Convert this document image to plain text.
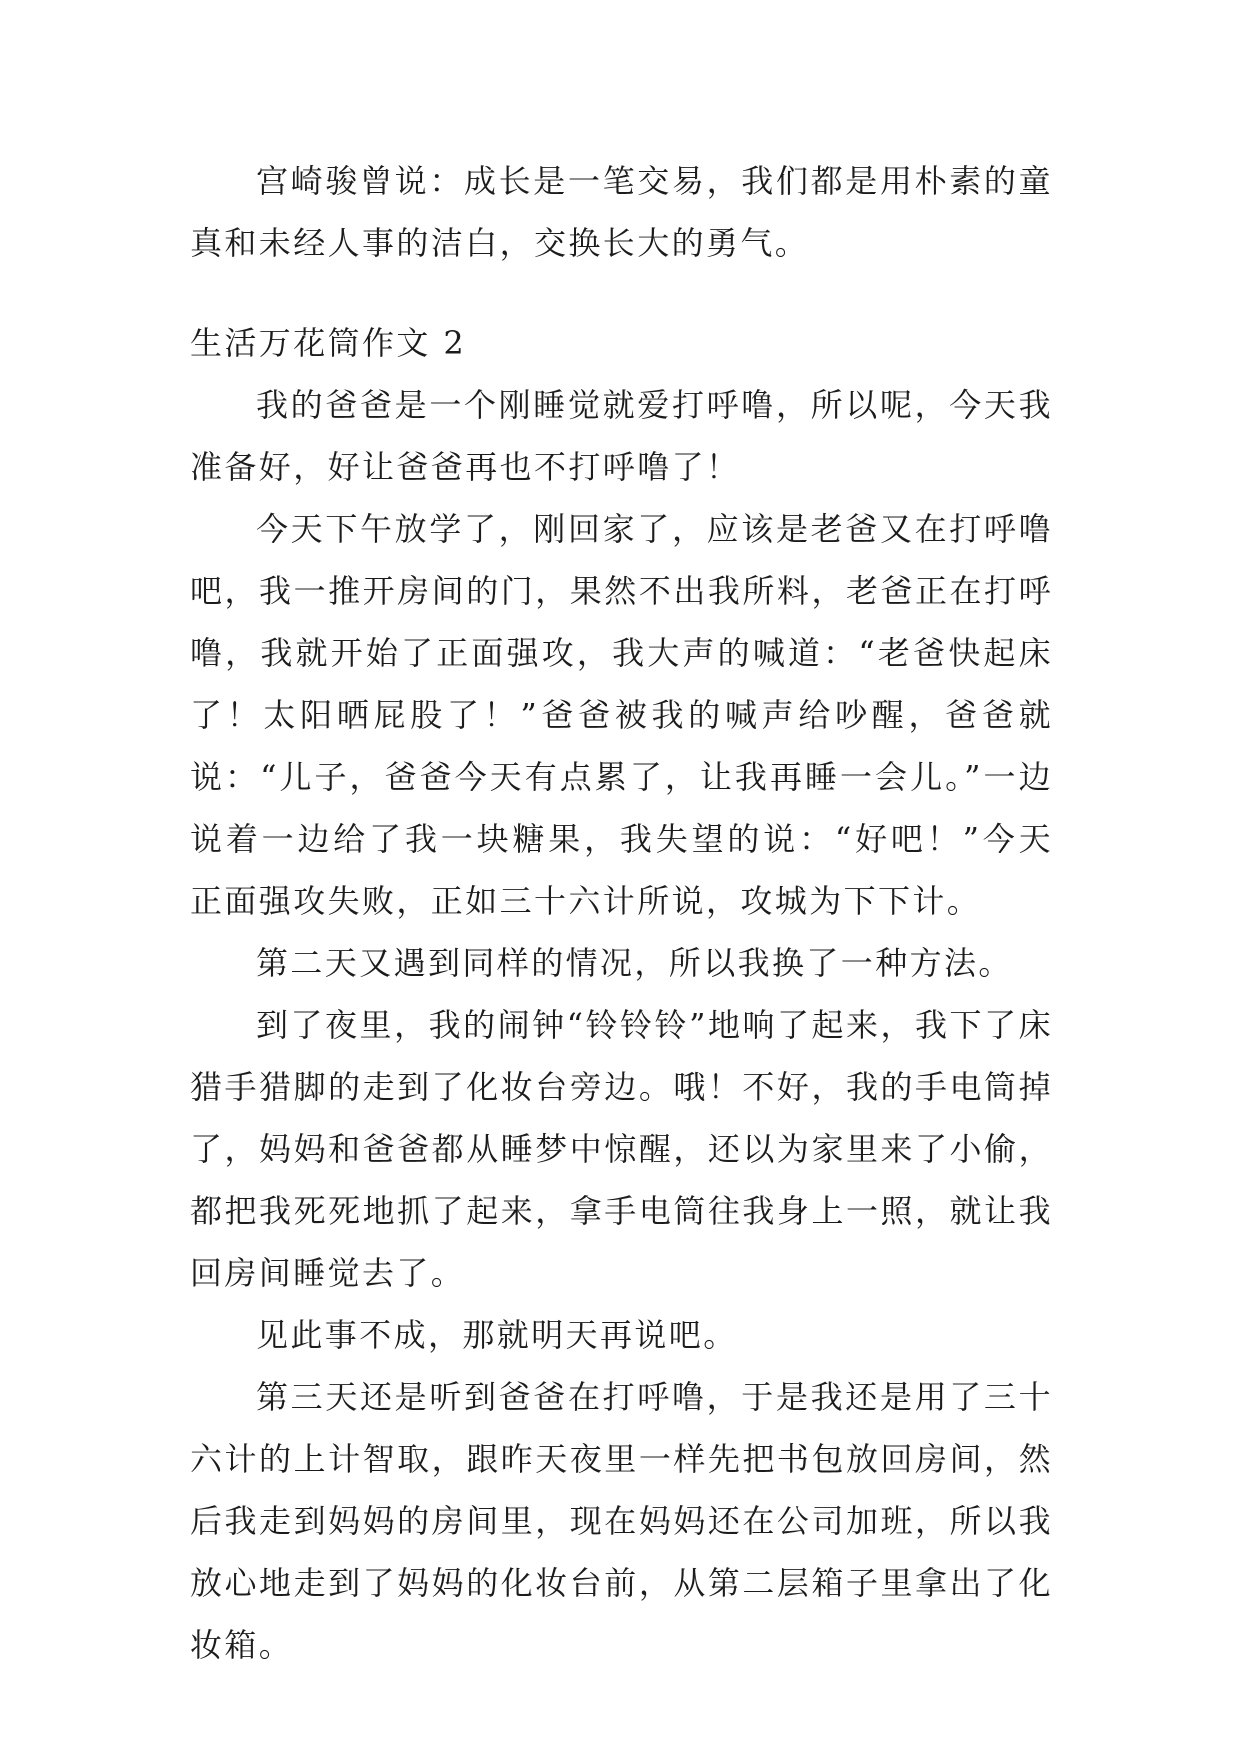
宫崎骏曾说：成长是一笔交易，我们都是用朴素的童真和未经人事的洁白，交换长大的勇气。

生活万花筒作文 2

我的爸爸是一个刚睡觉就爱打呼噜，所以呢，今天我准备好，好让爸爸再也不打呼噜了！

今天下午放学了，刚回家了，应该是老爸又在打呼噜吧，我一推开房间的门，果然不出我所料，老爸正在打呼噜，我就开始了正面强攻，我大声的喊道：“老爸快起床了！太阳晒屁股了！”爸爸被我的喊声给吵醒，爸爸就说：“儿子，爸爸今天有点累了，让我再睡一会儿。”一边说着一边给了我一块糖果，我失望的说：“好吧！”今天正面强攻失败，正如三十六计所说，攻城为下下计。

第二天又遇到同样的情况，所以我换了一种方法。

到了夜里，我的闹钟“铃铃铃”地响了起来，我下了床猎手猎脚的走到了化妆台旁边。哦！不好，我的手电筒掉了，妈妈和爸爸都从睡梦中惊醒，还以为家里来了小偷，都把我死死地抓了起来，拿手电筒往我身上一照，就让我回房间睡觉去了。

见此事不成，那就明天再说吧。

第三天还是听到爸爸在打呼噜，于是我还是用了三十六计的上计智取，跟昨天夜里一样先把书包放回房间，然后我走到妈妈的房间里，现在妈妈还在公司加班，所以我放心地走到了妈妈的化妆台前，从第二层箱子里拿出了化妆箱。
